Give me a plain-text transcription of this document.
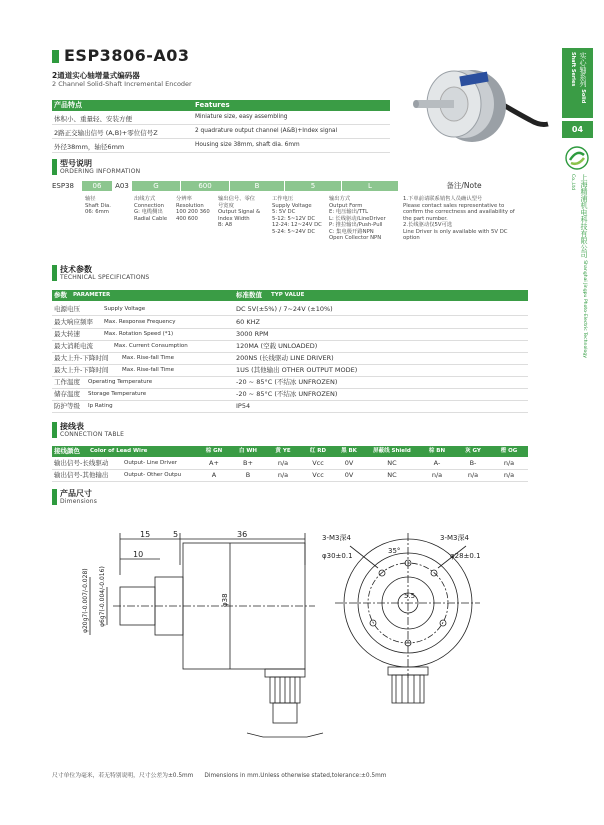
实心轴系列 Solid Shaft Series
04
上海精浦机电科技有限公司 Shanghai Jingpu Photo-Electric Technology Co.,Ltd
ESP3806-A03
2通道实心轴增量式编码器
2 Channel Solid-Shaft Incremental Encoder
产品特点	Features
体积小、重量轻、安装方便	Miniature size, easy assembling
2路正交输出信号 (A,B)+零位信号Z	2 quadrature output channel (A&B)+Index signal
外径38mm，轴径6mm	Housing size 38mm, shaft dia. 6mm
型号说明
ORDERING INFORMATION
ESP38	06	A03	G	600	B	5	L	备注/Note
轴径
Shaft Dia.
06: 6mm
出线方式
Connection
G: 电缆侧出
Radial Cable
分辨率
Resolution
100 200 360
400 600
输出信号、零位
号宽度
Output Signal &
Index Width
B: A8
工作电压
Supply Voltage
5: 5V DC
5-12: 5~12V DC
12-24: 12~24V DC
5-24: 5~24V DC
输出方式
Output Form
E: 电压输出/TTL
L: 长线驱动/LineDriver
P: 推拉输出/Push-Pull
C: 集电极开路NPN
Open Collector NPN
1.下单前请联系销售人员确认型号
Please contact sales representative to
confirm the correctness and availability of
the part number.
2.长线驱动仅5V可选
Line Driver is only available with 5V DC
option
技术参数
TECHNICAL SPECIFICATIONS
参数 PARAMETER	标准数值 TYP VALUE
电源电压	Supply Voltage	DC 5V(±5%) / 7~24V (±10%)
最大响应频率 Max. Response Frequency	60 KHZ
最大转速	Max. Rotation Speed (*1)	3000 RPM
最大消耗电流	Max. Current Consumption	120MA (空载 UNLOADED)
最大上升-下降时间 Max. Rise-fall Time	200NS (长线驱动 LINE DRIVER)
最大上升-下降时间 Max. Rise-fall Time	1US (其他输出 OTHER OUTPUT MODE)
工作温度 Operating Temperature	-20 ~ 85°C (不结冰 UNFROZEN)
储存温度 Storage Temperature	-20 ~ 85°C (不结冰 UNFROZEN)
防护等级 Ip Rating	IP54
接线表
CONNECTION TABLE
接线颜色 Color of Lead Wire	棕 GN	白 WH	黄 YE	红 RD	黑 BK	屏蔽线 Shield	棕 BN	灰 GY	橙 OG
输出信号-长线驱动	Output- Line Driver	A+	B+	n/a	Vcc	0V	NC	A-	B-	n/a
输出信号-其他输出	Output- Other Outpu	A	B	n/a	Vcc	0V	NC	n/a	n/a	n/a
产品尺寸
Dimensions
15	5	36
10
φ38
φ20g7(-0.007/-0.028) φ6g7(-0.004/-0.016)
3-M3深4	3-M3深4
35°
φ30±0.1	φ28±0.1
5.5
尺寸单位为毫米，若无特别说明，尺寸公差为±0.5mm      Dimensions in mm.Unless otherwise stated,tolerance:±0.5mm
